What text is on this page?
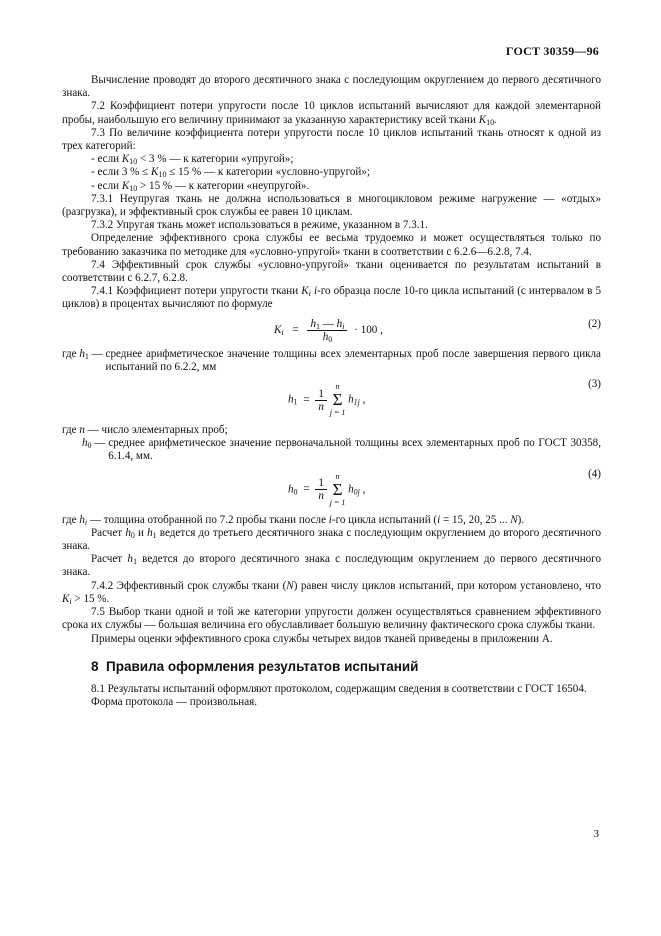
ГОСТ 30359—96

Вычисление проводят до второго десятичного знака с последующим округлением до первого десятичного знака.

7.2 Коэффициент потери упругости после 10 циклов испытаний вычисляют для каждой элементарной пробы, наибольшую его величину принимают за указанную характеристику всей ткани $K_{10}$.

7.3 По величине коэффициента потери упругости после 10 циклов испытаний ткань относят к одной из трех категорий:

- если $K_{10} < 3$ % — к категории «упругой»;

- если 3 % ≤ $K_{10} \le 15$ % — к категории «условно-упругой»;

- если $K_{10} > 15$ % — к категории «неупругой».

7.3.1 Неупругая ткань не должна использоваться в многоцикловом режиме нагружение — «отдых» (разгрузка), и эффективный срок службы ее равен 10 циклам.

7.3.2 Упругая ткань может использоваться в режиме, указанном в 7.3.1.

Определение эффективного срока службы ее весьма трудоемко и может осуществляться только по требованию заказчика по методике для «условно-упругой» ткани в соответствии с 6.2.6—6.2.8, 7.4.

7.4 Эффективный срок службы «условно-упругой» ткани оценивается по результатам испытаний в соответствии с 6.2.7, 6.2.8.

7.4.1 Коэффициент потери упругости ткани $K_i$ i-го образца после 10-го цикла испытаний (с интервалом в 5 циклов) в процентах вычисляют по формуле

$K_i = \frac{h_1 — h_i}{h_0} \cdot 100$ ,
(2)
где $h_1$ — среднее арифметическое значение толщины всех элементарных проб после завершения первого цикла испытаний по 6.2.2, мм
$h_1 = \frac{1}{n}$

n
Σ
j = 1
$h_{1j}$ ,
(3)
где n — число элементарных проб;
$h_0$ — среднее арифметическое значение первоначальной толщины всех элементарных проб по ГОСТ 30358, 6.1.4, мм.
$h_0 = \frac{1}{n}$

n
Σ
j = 1
$h_{0j}$ ,
(4)
где $h_i$ — толщина отобранной по 7.2 пробы ткани после i-го цикла испытаний (i = 15, 20, 25 ... N).

Расчет $h_0$ и $h_1$ ведется до третьего десятичного знака с последующим округлением до второго десятичного знака.

Расчет $h_1$ ведется до второго десятичного знака с последующим округлением до первого десятичного знака.

7.4.2 Эффективный срок службы ткани (N) равен числу циклов испытаний, при котором установлено, что $K_i > 15$ %.

7.5 Выбор ткани одной и той же категории упругости должен осуществляться сравнением эффективного срока их службы — большая величина его обуславливает большую величину фактического срока службы ткани.

Примеры оценки эффективного срока службы четырех видов тканей приведены в приложении А.

8 Правила оформления результатов испытаний

8.1 Результаты испытаний оформляют протоколом, содержащим сведения в соответствии с ГОСТ 16504.

Форма протокола — произвольная.

3
